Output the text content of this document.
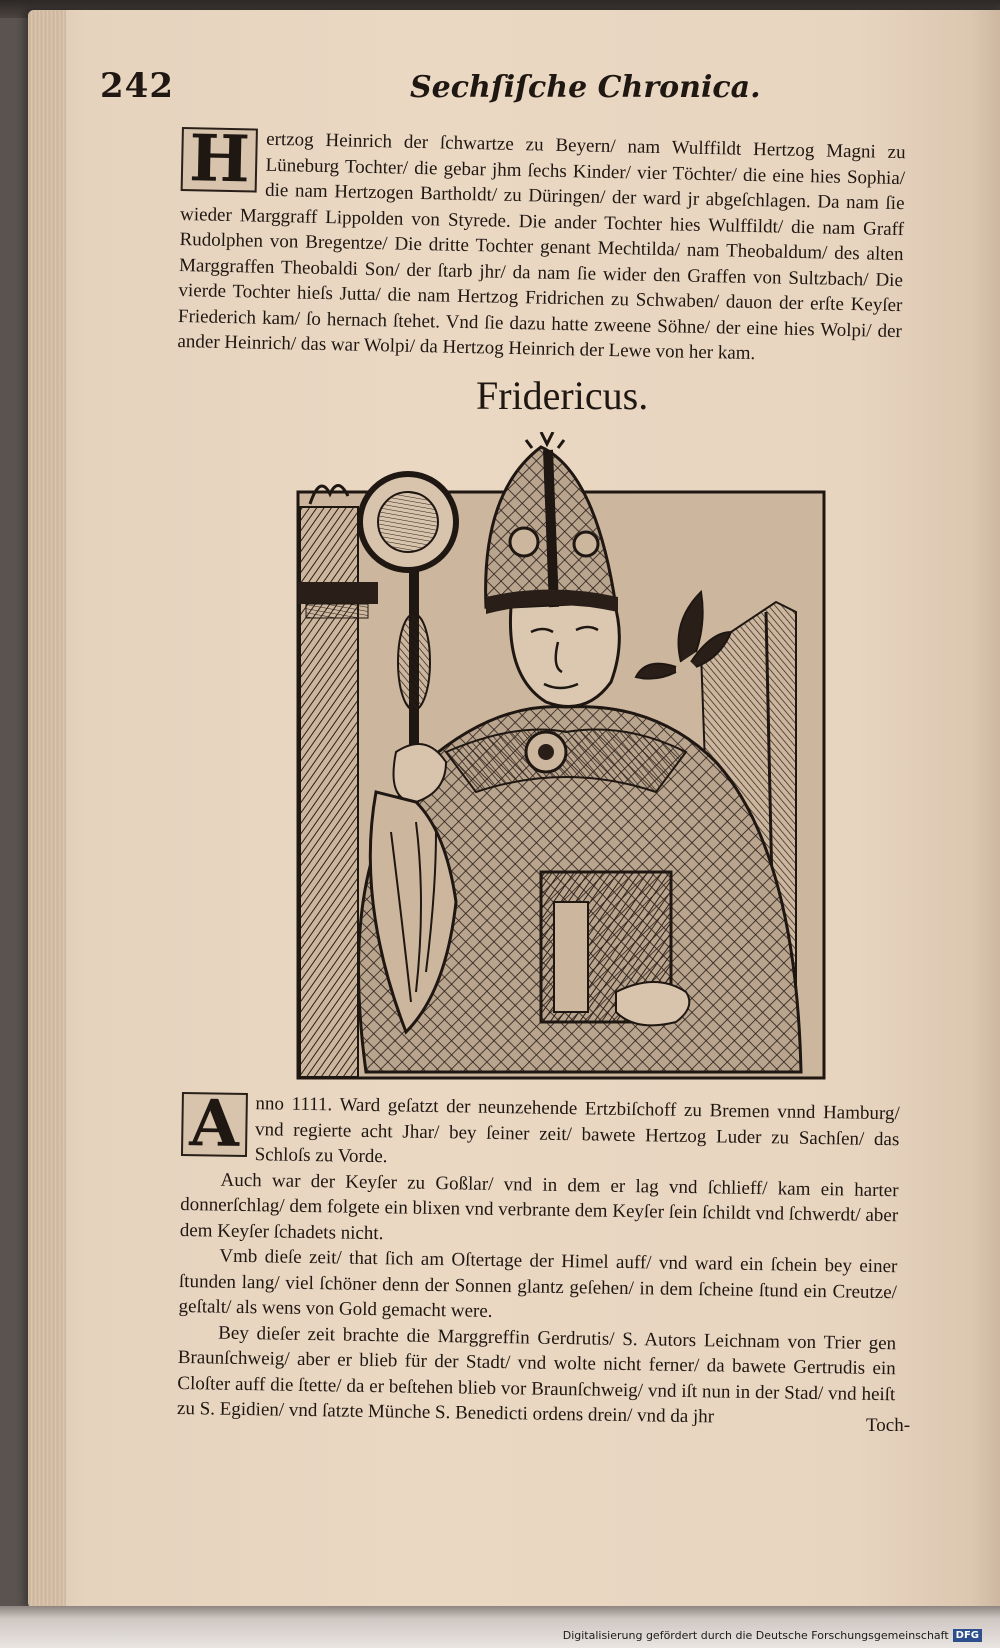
242	Sechſiſche Chronica.
H ertzog Heinrich der ſchwartze zu Beyern/ nam Wulffildt Hertzog Magni zu Lüneburg Tochter/ die gebar jhm ſechs Kinder/ vier Töchter/ die eine hies Sophia/ die nam Hertzogen Bartholdt/ zu Düringen/ der ward jr abgeſchlagen. Da nam ſie wieder Marggraff Lippolden von Styrede. Die ander Tochter hies Wulffildt/ die nam Graff Rudolphen von Bregentze/ Die dritte Tochter genant Mechtilda/ nam Theobaldum/ des alten Marggraffen Theobaldi Son/ der ſtarb jhr/ da nam ſie wider den Graffen von Sultzbach/ Die vierde Tochter hieſs Jutta/ die nam Hertzog Fridrichen zu Schwaben/ dauon der erſte Keyſer Friederich kam/ ſo hernach ſtehet. Vnd ſie dazu hatte zweene Söhne/ der eine hies Wolpi/ der ander Heinrich/ das war Wolpi/ da Hertzog Heinrich der Lewe von her kam.

Fridericus.
A nno 1111. Ward geſatzt der neunzehende Ertzbiſchoff zu Bremen vnnd Hamburg/ vnd regierte acht Jhar/ bey ſeiner zeit/ bawete Hertzog Luder zu Sachſen/ das Schloſs zu Vorde.

Auch war der Keyſer zu Goßlar/ vnd in dem er lag vnd ſchlieff/ kam ein harter donnerſchlag/ dem folgete ein blixen vnd verbrante dem Keyſer ſein ſchildt vnd ſchwerdt/ aber dem Keyſer ſchadets nicht.

Vmb dieſe zeit/ that ſich am Oſtertage der Himel auff/ vnd ward ein ſchein bey einer ſtunden lang/ viel ſchöner denn der Sonnen glantz geſehen/ in dem ſcheine ſtund ein Creutze/ geſtalt/ als wens von Gold gemacht were.

Bey dieſer zeit brachte die Marggreffin Gerdrutis/ S. Autors Leichnam von Trier gen Braunſchweig/ aber er blieb für der Stadt/ vnd wolte nicht ferner/ da bawete Gertrudis ein Cloſter auff die ſtette/ da er beſtehen blieb vor Braunſchweig/ vnd iſt nun in der Stad/ vnd heiſt zu S. Egidien/ vnd ſatzte Münche S. Benedicti ordens drein/ vnd da jhr	Toch-
Digitalisierung gefördert durch die Deutsche Forschungsgemeinschaft DFG
